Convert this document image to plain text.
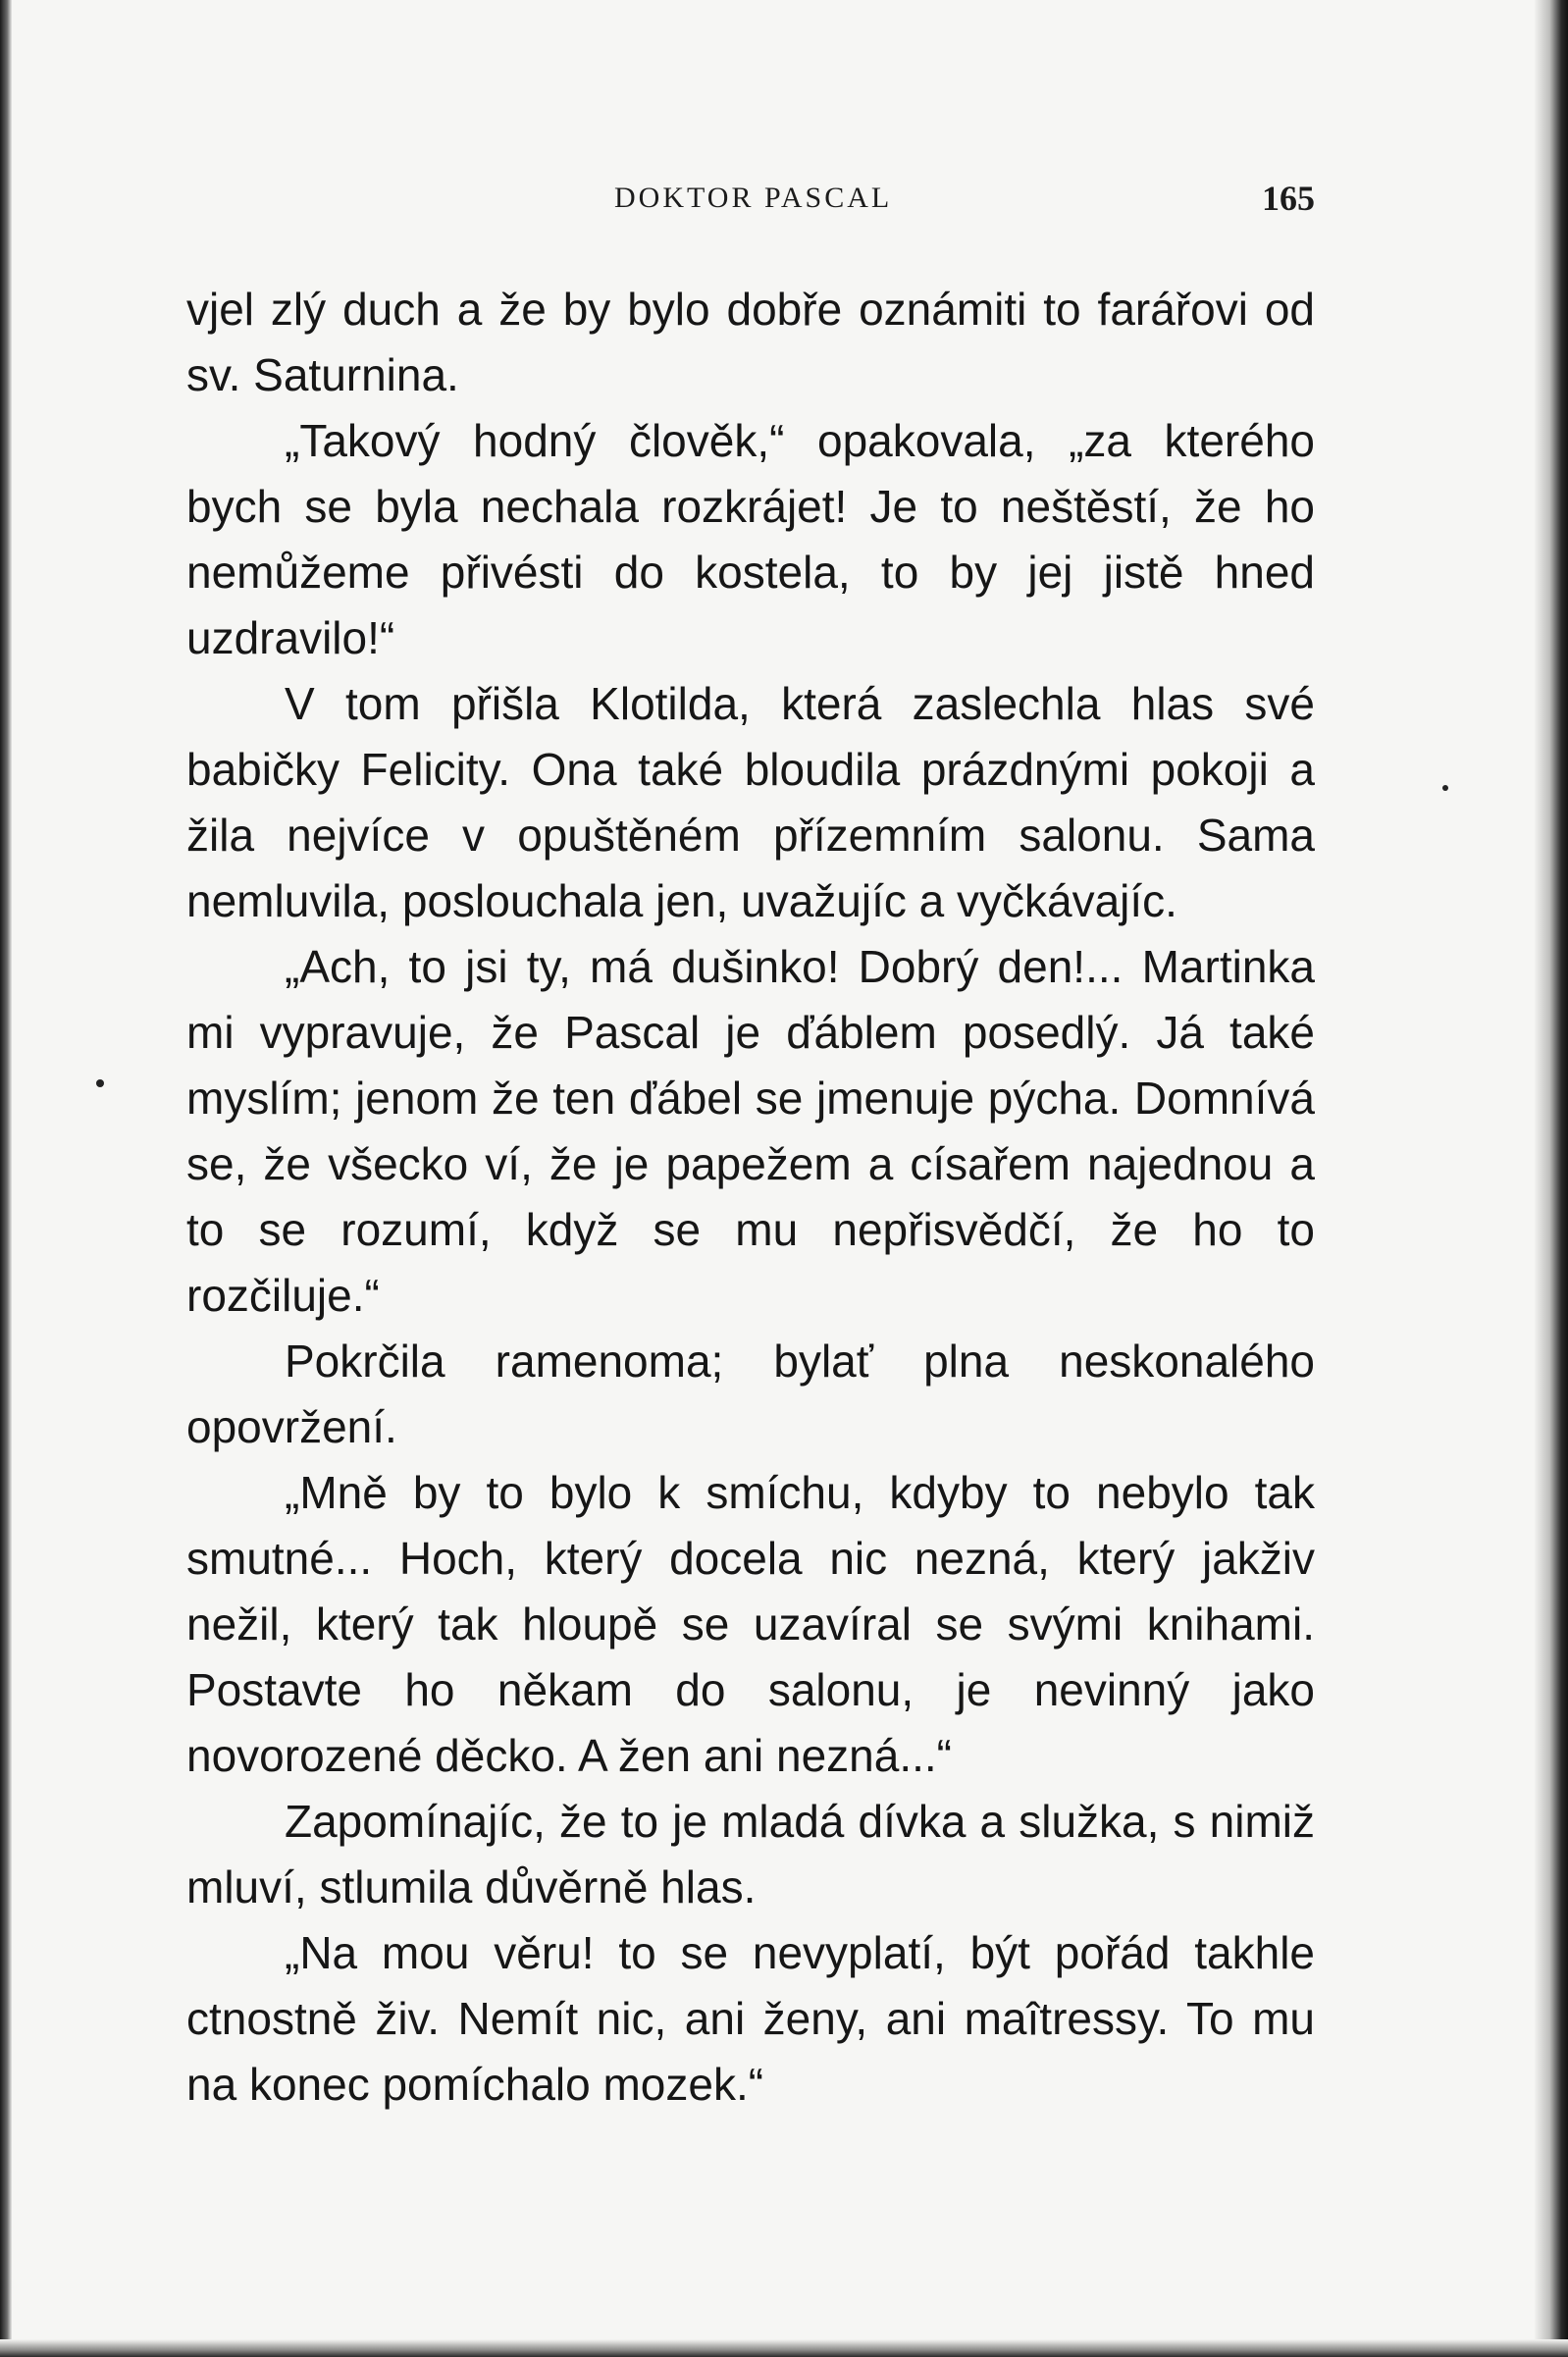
DOKTOR PASCAL	165

vjel zlý duch a že by bylo dobře oznámiti to farářovi od sv. Saturnina.

„Takový hodný člověk,“ opakovala, „za kterého bych se byla nechala rozkrájet! Je to neštěstí, že ho nemůžeme přivésti do kostela, to by jej jistě hned uzdravilo!“

V tom přišla Klotilda, která zaslechla hlas své babičky Felicity. Ona také bloudila prázdnými pokoji a žila nejvíce v opuštěném přízemním salonu. Sama nemluvila, poslouchala jen, uvažujíc a vyčkávajíc.

„Ach, to jsi ty, má dušinko! Dobrý den!... Martinka mi vypravuje, že Pascal je ďáblem posedlý. Já také myslím; jenom že ten ďábel se jmenuje pýcha. Domnívá se, že všecko ví, že je papežem a císařem najednou a to se rozumí, když se mu nepřisvědčí, že ho to rozčiluje.“

Pokrčila ramenoma; bylať plna neskonalého opovržení.

„Mně by to bylo k smíchu, kdyby to nebylo tak smutné... Hoch, který docela nic nezná, který jakživ nežil, který tak hloupě se uzavíral se svými knihami. Postavte ho někam do salonu, je nevinný jako novorozené děcko. A žen ani nezná...“

Zapomínajíc, že to je mladá dívka a služka, s nimiž mluví, stlumila důvěrně hlas.

„Na mou věru! to se nevyplatí, být pořád takhle ctnostně živ. Nemít nic, ani ženy, ani maîtressy. To mu na konec pomíchalo mozek.“
